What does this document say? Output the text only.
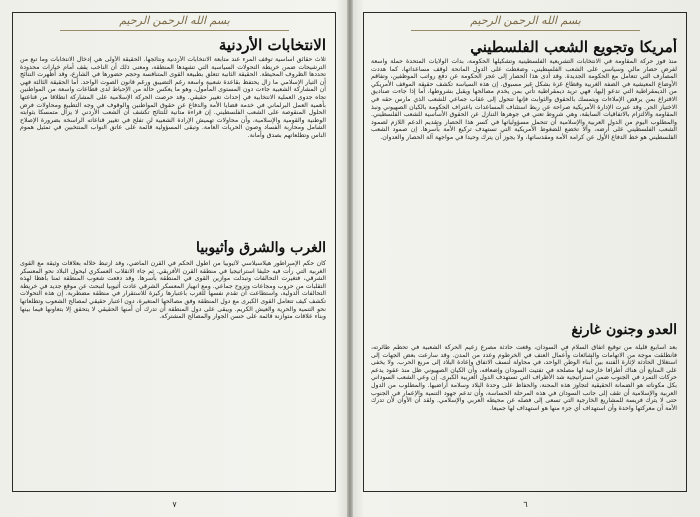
بسم الله الرحمن الرحيم
الانتخابات الأردنية

ثلاث حقائق أساسية توقف المرء عند متابعة الانتخابات الأردنية ونتائجها. الحقيقة الأولى هي إدخال الانتخابات وما تبع من الترشيحات ضمن خريطة التحولات السياسية التي تشهدها المنطقة، ومعنى ذلك أن الناخب يقف أمام خيارات محدودة تحددها الظروف المحيطة. الحقيقة الثانية تتعلق بطبيعة القوى المتنافسة وحجم حضورها في الشارع، وقد أظهرت النتائج أن التيار الإسلامي ما زال يحتفظ بقاعدة شعبية واسعة رغم التضييق ورغم قانون الصوت الواحد. أما الحقيقة الثالثة فهي أن المشاركة الشعبية جاءت دون المستوى المأمول، وهو ما يعكس حالة من الإحباط لدى قطاعات واسعة من المواطنين تجاه جدوى العملية الانتخابية في إحداث تغيير حقيقي. وقد حرصت الحركة الإسلامية على المشاركة انطلاقا من قناعتها بأهمية العمل البرلماني في خدمة قضايا الأمة والدفاع عن حقوق المواطنين والوقوف في وجه التطبيع ومحاولات فرض الحلول المنقوصة على الشعب الفلسطيني. إن قراءة متأنية للنتائج تكشف أن الشعب الأردني لا يزال متمسكا بثوابته الوطنية والقومية والإسلامية، وأن محاولات تهميش الإرادة الشعبية لن تفلح في تغيير قناعاته الراسخة بضرورة الإصلاح الشامل ومحاربة الفساد وصون الحريات العامة. وتبقى المسؤولية قائمة على عاتق النواب المنتخبين في تمثيل هموم الناس وتطلعاتهم بصدق وأمانة.

الغرب والشرق وأثيوبيا

كان حكم الإمبراطور هيلاسيلاسي لأثيوبيا من أطول الحكم في القرن الماضي، وقد ارتبط خلاله بعلاقات وثيقة مع القوى الغربية التي رأت فيه حليفا استراتيجيا في منطقة القرن الأفريقي. ثم جاء الانقلاب العسكري ليحول البلاد نحو المعسكر الشرقي، فتغيرت التحالفات وتبدلت موازين القوى في المنطقة بأسرها. وقد دفعت شعوب المنطقة ثمنا باهظا لهذه التقلبات من حروب ومجاعات ونزوح جماعي. ومع انهيار المعسكر الشرقي عادت أثيوبيا لتبحث عن موقع جديد في خريطة التحالفات الدولية، واستطاعت أن تقدم نفسها للغرب باعتبارها ركيزة للاستقرار في منطقة مضطربة. إن هذه التحولات تكشف كيف تتعامل القوى الكبرى مع دول المنطقة وفق مصالحها المتغيرة، دون اعتبار حقيقي لمصالح الشعوب وتطلعاتها نحو التنمية والحرية والعيش الكريم. ويبقى على دول المنطقة أن تدرك أن أمنها الحقيقي لا يتحقق إلا بتعاونها فيما بينها وبناء علاقات متوازنة قائمة على حسن الجوار والمصالح المشتركة.

٧
بسم الله الرحمن الرحيم
أمريكا وتجويع الشعب الفلسطيني

منذ فوز حركة المقاومة في الانتخابات التشريعية الفلسطينية وتشكيلها الحكومة، بدأت الولايات المتحدة حملة واسعة لفرض حصار مالي وسياسي على الشعب الفلسطيني، وضغطت على الدول المانحة لوقف مساعداتها، كما هددت المصارف التي تتعامل مع الحكومة الجديدة. وقد أدى هذا الحصار إلى عجز الحكومة عن دفع رواتب الموظفين، وتفاقم الأوضاع المعيشية في الضفة الغربية وقطاع غزة بشكل غير مسبوق. إن هذه السياسة تكشف حقيقة الموقف الأمريكي من الديمقراطية التي تدعو إليها، فهي تريد ديمقراطية تأتي بمن يخدم مصالحها ويقبل بشروطها، أما إذا جاءت صناديق الاقتراع بمن يرفض الإملاءات ويتمسك بالحقوق والثوابت فإنها تتحول إلى عقاب جماعي للشعب الذي مارس حقه في الاختيار الحر. وقد عبرت الإدارة الأمريكية صراحة عن ربط استئناف المساعدات باعتراف الحكومة بالكيان الصهيوني ونبذ المقاومة والالتزام بالاتفاقيات السابقة، وهي شروط تعني في جوهرها التنازل عن الحقوق الأساسية للشعب الفلسطيني. والمطلوب اليوم من الدول العربية والإسلامية أن تتحمل مسؤولياتها في كسر هذا الحصار وتقديم الدعم اللازم لصمود الشعب الفلسطيني على أرضه، وألا تخضع للضغوط الأمريكية التي تستهدف تركيع الأمة بأسرها. إن صمود الشعب الفلسطيني هو خط الدفاع الأول عن كرامة الأمة ومقدساتها، ولا يجوز أن يترك وحيدا في مواجهة آلة الحصار والعدوان.

العدو وجنون غارنغ

بعد أسابيع قليلة من توقيع اتفاق السلام في السودان، وقعت حادثة مصرع زعيم الحركة الشعبية في تحطم طائرته، فانطلقت موجة من الاتهامات والشائعات وأعمال العنف في الخرطوم وعدد من المدن. وقد سارعت بعض الجهات إلى استغلال الحادثة لإثارة الفتنة بين أبناء الوطن الواحد، في محاولة لنسف الاتفاق وإعادة البلاد إلى مربع الحرب. ولا يخفى على المتابع أن هناك أطرافا خارجية لها مصلحة في تفتيت السودان وإضعافه، وأن الكيان الصهيوني ظل منذ عقود يدعم حركات التمرد في الجنوب ضمن استراتيجية شد الأطراف التي تستهدف الدول العربية الكبرى. إن وعي الشعب السوداني بكل مكوناته هو الضمانة الحقيقية لتجاوز هذه المحنة، والحفاظ على وحدة البلاد وسلامة أراضيها. والمطلوب من الدول العربية والإسلامية أن تقف إلى جانب السودان في هذه المرحلة الحساسة، وأن تدعم جهود التنمية والإعمار في الجنوب حتى لا يترك فريسة للمشاريع الخارجية التي تسعى إلى فصله عن محيطه العربي والإسلامي. ولقد آن الأوان لأن تدرك الأمة أن معركتها واحدة وأن استهداف أي جزء منها هو استهداف لها جميعا.

٦
